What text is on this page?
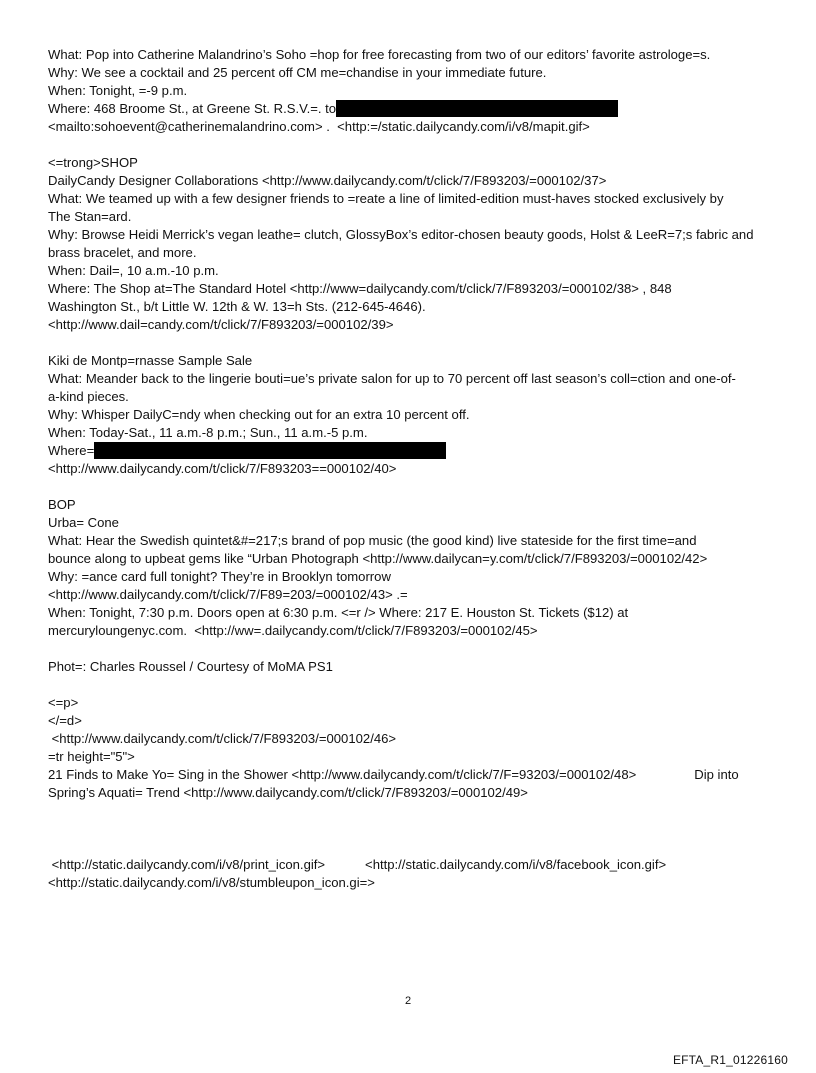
What: Pop into Catherine Malandrino’s Soho =hop for free forecasting from two of our editors’ favorite astrologe=s.
Why: We see a cocktail and 25 percent off CM me=chandise in your immediate future.
When: Tonight, =-9 p.m.
Where: 468 Broome St., at Greene St. R.S.V.=. to
<mailto:sohoevent@catherinemalandrino.com> .  <http:=/static.dailycandy.com/i/v8/mapit.gif>
<=trong>SHOP
DailyCandy Designer Collaborations <http://www.dailycandy.com/t/click/7/F893203/=000102/37>
What: We teamed up with a few designer friends to =reate a line of limited-edition must-haves stocked exclusively by
The Stan=ard.
Why: Browse Heidi Merrick’s vegan leathe= clutch, GlossyBox’s editor-chosen beauty goods, Holst & LeeR=7;s fabric and
brass bracelet, and more.
When: Dail=, 10 a.m.-10 p.m.
Where: The Shop at=The Standard Hotel <http://www=dailycandy.com/t/click/7/F893203/=000102/38> , 848
Washington St., b/t Little W. 12th & W. 13=h Sts. (212-645-4646).
<http://www.dail=candy.com/t/click/7/F893203/=000102/39>
Kiki de Montp=rnasse Sample Sale
What: Meander back to the lingerie bouti=ue’s private salon for up to 70 percent off last season’s coll=ction and one-of-
a-kind pieces.
Why: Whisper DailyC=ndy when checking out for an extra 10 percent off.
When: Today-Sat., 11 a.m.-8 p.m.; Sun., 11 a.m.-5 p.m.
Where=
<http://www.dailycandy.com/t/click/7/F893203==000102/40>
BOP
Urba= Cone
What: Hear the Swedish quintet&#=217;s brand of pop music (the good kind) live stateside for the first time=and
bounce along to upbeat gems like “Urban Photograph <http://www.dailycan=y.com/t/click/7/F893203/=000102/42>
Why: =ance card full tonight? They’re in Brooklyn tomorrow
<http://www.dailycandy.com/t/click/7/F89=203/=000102/43> .=
When: Tonight, 7:30 p.m. Doors open at 6:30 p.m. <=r /> Where: 217 E. Houston St. Tickets ($12) at
mercuryloungenyc.com.  <http://ww=.dailycandy.com/t/click/7/F893203/=000102/45>
Phot=: Charles Roussel / Courtesy of MoMA PS1
<=p>
</=d>
<http://www.dailycandy.com/t/click/7/F893203/=000102/46>
=tr height="5">
21 Finds to Make Yo= Sing in the Shower <http://www.dailycandy.com/t/click/7/F=93203/=000102/48>	Dip into
Spring’s Aquati= Trend <http://www.dailycandy.com/t/click/7/F893203/=000102/49>
<http://static.dailycandy.com/i/v8/print_icon.gif>	<http://static.dailycandy.com/i/v8/facebook_icon.gif>
<http://static.dailycandy.com/i/v8/stumbleupon_icon.gi=>
2
EFTA_R1_01226160
